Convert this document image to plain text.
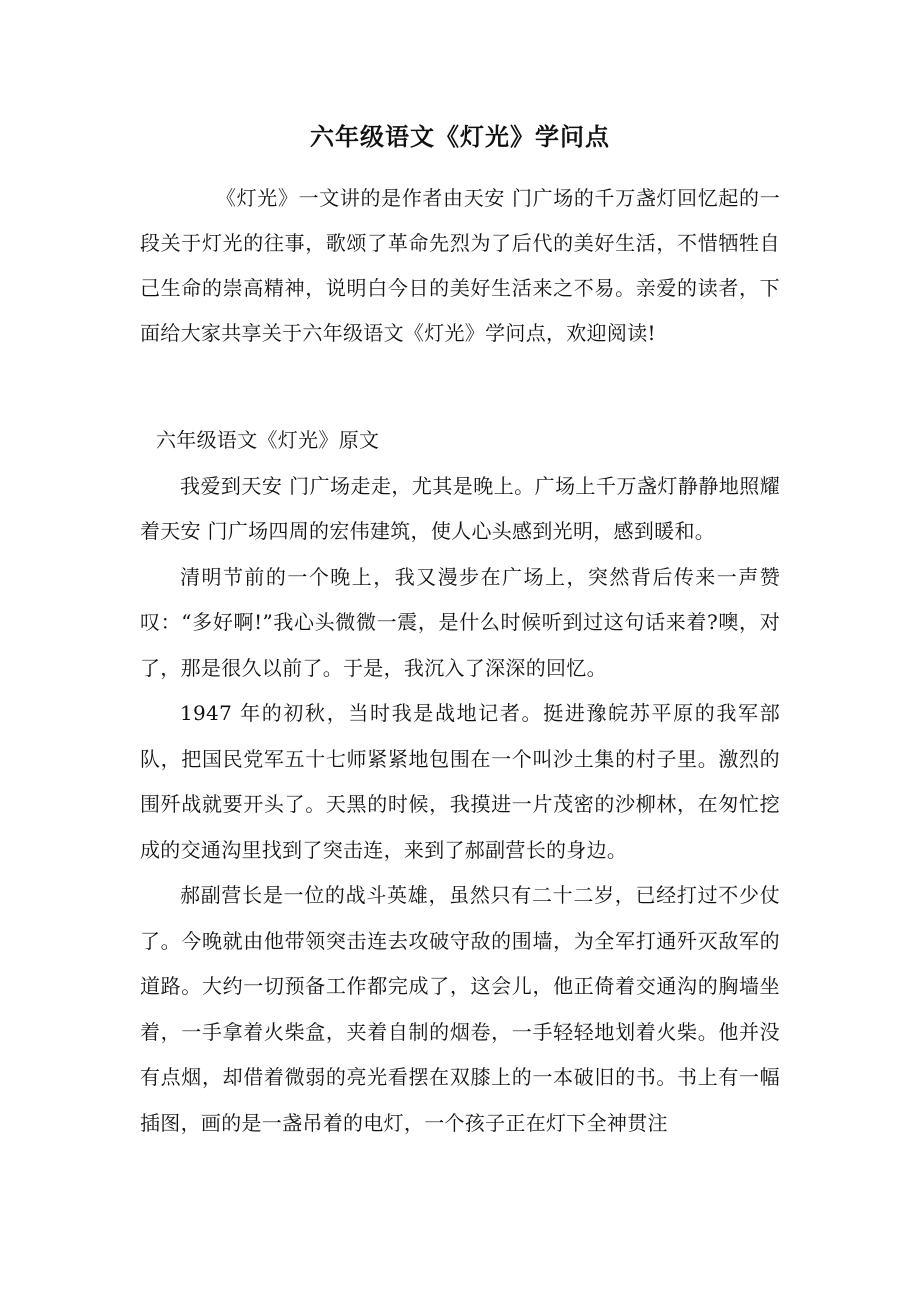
六年级语文《灯光》学问点

《灯光》一文讲的是作者由天安 门广场的千万盏灯回忆起的一段关于灯光的往事，歌颂了革命先烈为了后代的美好生活，不惜牺牲自己生命的崇高精神，说明白今日的美好生活来之不易。亲爱的读者，下面给大家共享关于六年级语文《灯光》学问点，欢迎阅读!

六年级语文《灯光》原文

我爱到天安 门广场走走，尤其是晚上。广场上千万盏灯静静地照耀着天安 门广场四周的宏伟建筑，使人心头感到光明，感到暖和。

清明节前的一个晚上，我又漫步在广场上，突然背后传来一声赞叹：“多好啊!”我心头微微一震，是什么时候听到过这句话来着?噢，对了，那是很久以前了。于是，我沉入了深深的回忆。

1947 年的初秋，当时我是战地记者。挺进豫皖苏平原的我军部队，把国民党军五十七师紧紧地包围在一个叫沙土集的村子里。激烈的围歼战就要开头了。天黑的时候，我摸进一片茂密的沙柳林，在匆忙挖成的交通沟里找到了突击连，来到了郝副营长的身边。

郝副营长是一位的战斗英雄，虽然只有二十二岁，已经打过不少仗了。今晚就由他带领突击连去攻破守敌的围墙，为全军打通歼灭敌军的道路。大约一切预备工作都完成了，这会儿，他正倚着交通沟的胸墙坐着，一手拿着火柴盒，夹着自制的烟卷，一手轻轻地划着火柴。他并没有点烟，却借着微弱的亮光看摆在双膝上的一本破旧的书。书上有一幅插图，画的是一盏吊着的电灯，一个孩子正在灯下全神贯注
